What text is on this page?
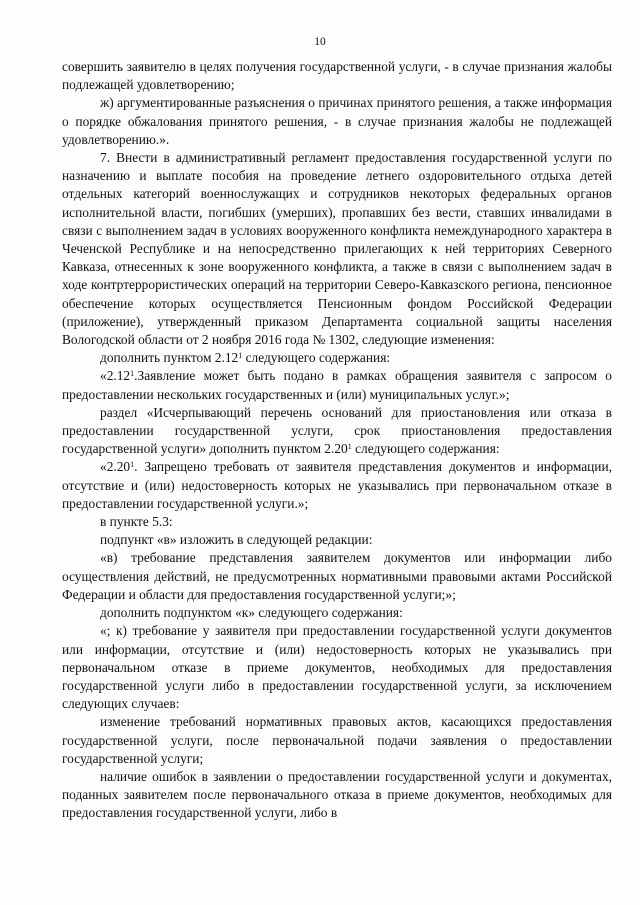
10

совершить заявителю в целях получения государственной услуги, - в случае признания жалобы подлежащей удовлетворению;

ж) аргументированные разъяснения о причинах принятого решения, а также информация о порядке обжалования принятого решения, - в случае признания жалобы не подлежащей удовлетворению.».

7. Внести в административный регламент предоставления государственной услуги по назначению и выплате пособия на проведение летнего оздоровительного отдыха детей отдельных категорий военнослужащих и сотрудников некоторых федеральных органов исполнительной власти, погибших (умерших), пропавших без вести, ставших инвалидами в связи с выполнением задач в условиях вооруженного конфликта немеждународного характера в Чеченской Республике и на непосредственно прилегающих к ней территориях Северного Кавказа, отнесенных к зоне вооруженного конфликта, а также в связи с выполнением задач в ходе контртеррористических операций на территории Северо-Кавказского региона, пенсионное обеспечение которых осуществляется Пенсионным фондом Российской Федерации (приложение), утвержденный приказом Департамента социальной защиты населения Вологодской области от 2 ноября 2016 года № 1302, следующие изменения:

дополнить пунктом 2.12$^1$ следующего содержания:

«2.12$^1$.Заявление может быть подано в рамках обращения заявителя с запросом о предоставлении нескольких государственных и (или) муниципальных услуг.»;

раздел «Исчерпывающий перечень оснований для приостановления или отказа в предоставлении государственной услуги, срок приостановления предоставления государственной услуги» дополнить пунктом 2.20$^1$ следующего содержания:

«2.20$^1$. Запрещено требовать от заявителя представления документов и информации, отсутствие и (или) недостоверность которых не указывались при первоначальном отказе в предоставлении государственной услуги.»;

в пункте 5.3:

подпункт «в» изложить в следующей редакции:

«в) требование представления заявителем документов или информации либо осуществления действий, не предусмотренных нормативными правовыми актами Российской Федерации и области для предоставления государственной услуги;»;

дополнить подпунктом «к» следующего содержания:

«; к) требование у заявителя при предоставлении государственной услуги документов или информации, отсутствие и (или) недостоверность которых не указывались при первоначальном отказе в приеме документов, необходимых для предоставления государственной услуги либо в предоставлении государственной услуги, за исключением следующих случаев:

изменение требований нормативных правовых актов, касающихся предоставления государственной услуги, после первоначальной подачи заявления о предоставлении государственной услуги;

наличие ошибок в заявлении о предоставлении государственной услуги и документах, поданных заявителем после первоначального отказа в приеме документов, необходимых для предоставления государственной услуги, либо в
